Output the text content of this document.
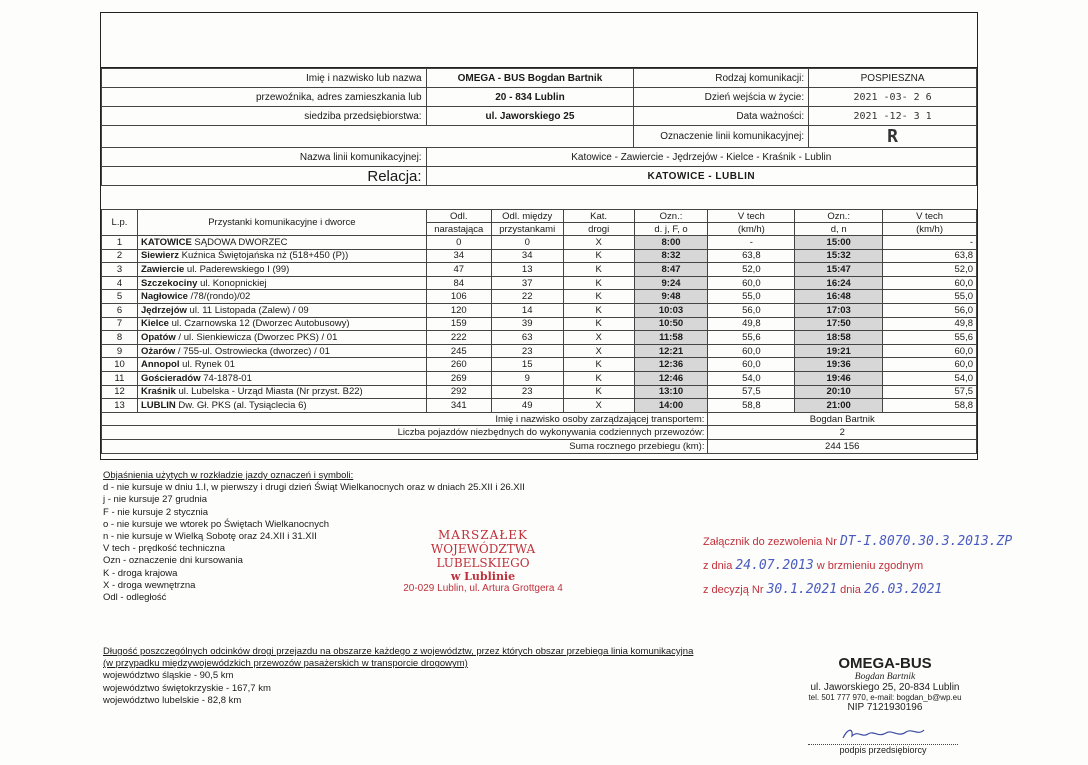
Imię i nazwisko lub nazwa	OMEGA - BUS Bogdan Bartnik	Rodzaj komunikacji:	POSPIESZNA
przewoźnika, adres zamieszkania lub	20 - 834 Lublin	Dzień wejścia w życie:	2021 -03- 2 6
siedziba przedsiębiorstwa:	ul. Jaworskiego 25	Data ważności:	2021 -12- 3 1
		Oznaczenie linii komunikacyjnej:	R
Nazwa linii komunikacyjnej:	Katowice - Zawiercie - Jędrzejów - Kielce - Kraśnik - Lublin		
Relacja:	KATOWICE - LUBLIN		
L.p.	Przystanki komunikacyjne i dworce	Odl.	Odl. między	Kat.	Ozn.:	V tech	Ozn.:	V tech
		narastająca	przystankami	drogi	d. j, F, o	(km/h)	d, n	(km/h)
1	KATOWICE SĄDOWA DWORZEC	0	0	X	8:00	-	15:00	-
2	Siewierz Kuźnica Świętojańska nż (518+450 (P))	34	34	K	8:32	63,8	15:32	63,8
3	Zawiercie ul. Paderewskiego I (99)	47	13	K	8:47	52,0	15:47	52,0
4	Szczekociny ul. Konopnickiej	84	37	K	9:24	60,0	16:24	60,0
5	Nagłowice /78/(rondo)/02	106	22	K	9:48	55,0	16:48	55,0
6	Jędrzejów ul. 11 Listopada (Zalew) / 09	120	14	K	10:03	56,0	17:03	56,0
7	Kielce ul. Czarnowska 12 (Dworzec Autobusowy)	159	39	K	10:50	49,8	17:50	49,8
8	Opatów / ul. Sienkiewicza (Dworzec PKS) / 01	222	63	X	11:58	55,6	18:58	55,6
9	Ożarów / 755-ul. Ostrowiecka (dworzec) / 01	245	23	X	12:21	60,0	19:21	60,0
10	Annopol ul. Rynek 01	260	15	K	12:36	60,0	19:36	60,0
11	Gościeradów 74-1878-01	269	9	K	12:46	54,0	19:46	54,0
12	Kraśnik ul. Lubelska - Urząd Miasta (Nr przyst. B22)	292	23	K	13:10	57,5	20:10	57,5
13	LUBLIN Dw. Gł. PKS (al. Tysiąclecia 6)	341	49	X	14:00	58,8	21:00	58,8
Imię i nazwisko osoby zarządzającej transportem:						Bogdan Bartnik		
Liczba pojazdów niezbędnych do wykonywania codziennych przewozów:						2		
Suma rocznego przebiegu (km):						244 156		
Objaśnienia użytych w rozkładzie jazdy oznaczeń i symboli:
d - nie kursuje w dniu 1.I, w pierwszy i drugi dzień Świąt Wielkanocnych oraz w dniach 25.XII i 26.XII
j - nie kursuje 27 grudnia
F - nie kursuje 2 stycznia
o - nie kursuje we wtorek po Świętach Wielkanocnych
n - nie kursuje w Wielką Sobotę oraz 24.XII i 31.XII
V tech - prędkość techniczna
Ozn - oznaczenie dni kursowania
K - droga krajowa
X - droga wewnętrzna
Odl - odległość
MARSZAŁEK
WOJEWÓDZTWA LUBELSKIEGO
w Lublinie
20-029 Lublin, ul. Artura Grottgera 4
Załącznik do zezwolenia Nr DT-I.8070.30.3.2013.ZP
z dnia 24.07.2013 w brzmieniu zgodnym
z decyzją Nr 30.1.2021 dnia 26.03.2021
Długość poszczególnych odcinków drogi przejazdu na obszarze każdego z województw, przez których obszar przebiega linia komunikacyjna
(w przypadku międzywojewódzkich przewozów pasażerskich w transporcie drogowym)
województwo śląskie - 90,5 km
województwo świętokrzyskie - 167,7 km
województwo lubelskie - 82,8 km
OMEGA-BUS
Bogdan Bartnik
ul. Jaworskiego 25, 20-834 Lublin
tel. 501 777 970, e-mail: bogdan_b@wp.eu
NIP 7121930196
podpis przedsiębiorcy
